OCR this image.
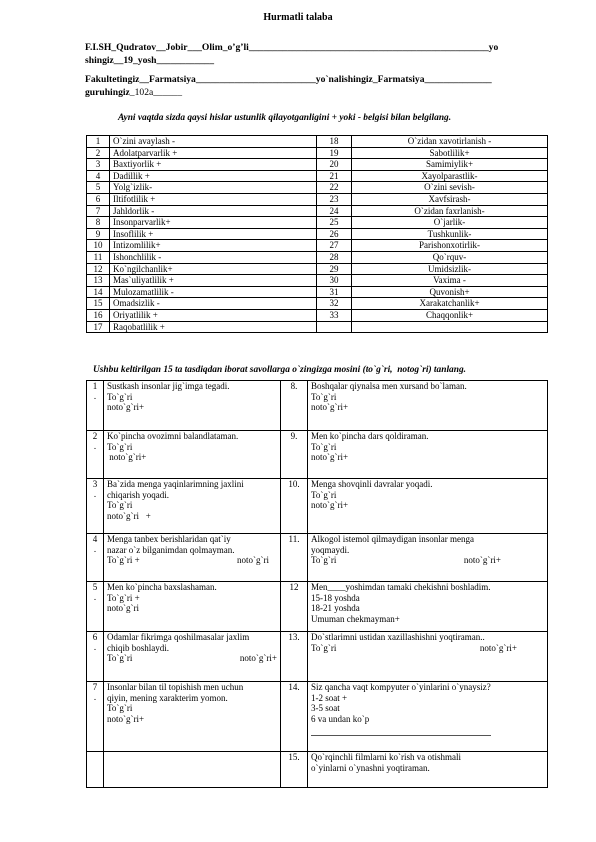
Hurmatli talaba
F.I.SH_Qudratov__Jobir___Olim_o’g’li__________________________________________________yo
shingiz__19_yosh____________
Fakultetingiz__Farmatsiya_________________________yo`nalishingiz_Farmatsiya______________
guruhingiz_102a______
Ayni vaqtda sizda qaysi hislar ustunlik qilayotganligini + yoki - belgisi bilan belgilang.
1	O`zini avaylash -	18	O`zidan xavotirlanish -
2	Adolatparvarlik +	19	Sabotlilik+
3	Baxtiyorlik +	20	Samimiylik+
4	Dadillik +	21	Xayolparastlik-
5	Yolg`izlik-	22	O`zini sevish-
6	Iltifotlilik +	23	Xavfsirash-
7	Jahldorlik -	24	O`zidan faxrlanish-
8	Insonparvarlik+	25	O`jarlik-
9	Insoflilik +	26	Tushkunlik-
10	Intizomlilik+	27	Parishonxotirlik-
11	Ishonchlilik -	28	Qo`rquv-
12	Ko`ngilchanlik+	29	Umidsizlik-
13	Mas`uliyatlilik +	30	Vaxima -
14	Mulozamatlilik -	31	Quvonish+
15	Omadsizlik -	32	Xarakatchanlik+
16	Oriyatlilik +	33	Chaqqonlik+
17	Raqobatlilik +		
Ushbu keltirilgan 15 ta tasdiqdan iborat savollarga o`zingizga mosini (to`g`ri,  notog`ri) tanlang.
1
.	Sustkash insonlar jig`imga tegadi.
To`g`ri
noto`g`ri+	8.	Boshqalar qiynalsa men xursand bo`laman.
To`g`ri
noto`g`ri+

2
.	Ko`pincha ovozimni balandlataman.
To`g`ri
noto`g`ri+	9.	Men ko`pincha dars qoldiraman.
To`g`ri
noto`g`ri+

3
.	Ba`zida menga yaqinlarimning jaxlini
chiqarish yoqadi.
To`g`ri
noto`g`ri   +	10.	Menga shovqinli davralar yoqadi.
To`g`ri
noto`g`ri+

4
.	Menga tanbex berishlaridan qat`iy
nazar o`z bilganimdan qolmayman.
To`g`ri + noto`g`ri	11.	Alkogol istemol qilmaydigan insonlar menga
yoqmaydi.
To`g`ri noto`g`ri+

5
.	Men ko`pincha baxslashaman.
To`g`ri +
noto`g`ri	12	Men____yoshimdan tamaki chekishni boshladim.
15-18 yoshda
18-21 yoshda
Umuman chekmayman+

6
.	Odamlar fikrimga qoshilmasalar jaxlim
chiqib boshlaydi.
To`g`ri noto`g`ri+	13.	Do`stlarimni ustidan xazillashishni yoqtiraman..
To`g`ri noto`g`ri+

7
.	Insonlar bilan til topishish men uchun
qiyin, mening xarakterim yomon.
To`g`ri
noto`g`ri+	14.	Siz qancha vaqt kompyuter o`yinlarini o`ynaysiz?
1-2 soat +
3-5 soat
6 va undan ko`p

		15.	Qo`rqinchli filmlarni ko`rish va otishmali
o`yinlarni o`ynashni yoqtiraman.
